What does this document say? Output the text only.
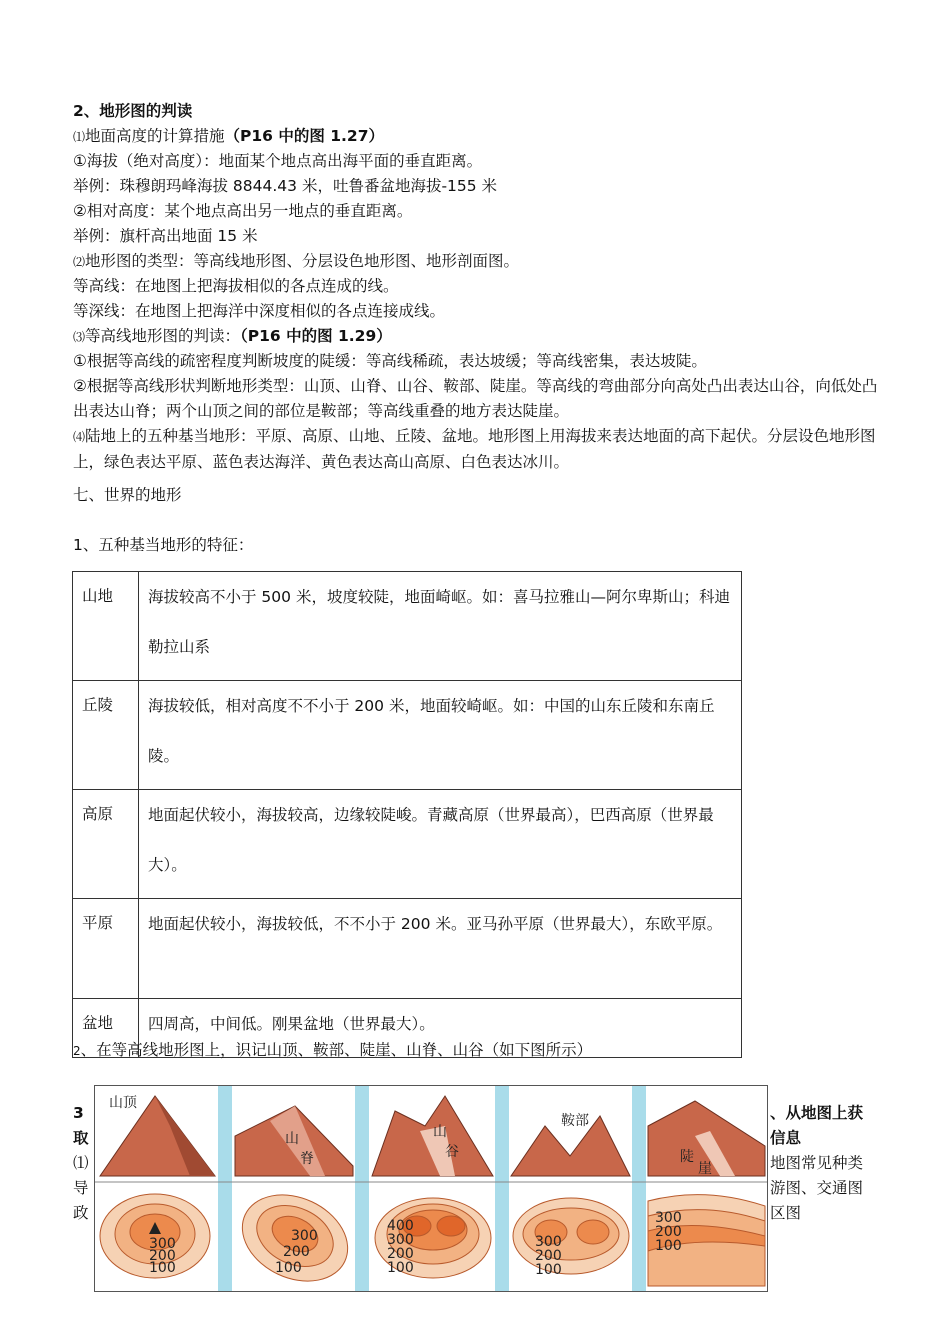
2、地形图的判读
⑴地面高度的计算措施（P16 中的图 1.27）
①海拔（绝对高度）：地面某个地点高出海平面的垂直距离。
举例：珠穆朗玛峰海拔 8844.43 米，吐鲁番盆地海拔-155 米
②相对高度：某个地点高出另一地点的垂直距离。
举例：旗杆高出地面 15 米
⑵地形图的类型：等高线地形图、分层设色地形图、地形剖面图。
等高线：在地图上把海拔相似的各点连成的线。
等深线：在地图上把海洋中深度相似的各点连接成线。
⑶等高线地形图的判读：（P16 中的图 1.29）
①根据等高线的疏密程度判断坡度的陡缓：等高线稀疏，表达坡缓；等高线密集，表达坡陡。
②根据等高线形状判断地形类型：山顶、山脊、山谷、鞍部、陡崖。等高线的弯曲部分向高处凸出表达山谷，向低处凸出表达山脊；两个山顶之间的部位是鞍部；等高线重叠的地方表达陡崖。
⑷陆地上的五种基当地形：平原、高原、山地、丘陵、盆地。地形图上用海拔来表达地面的高下起伏。分层设色地形图上，绿色表达平原、蓝色表达海洋、黄色表达高山高原、白色表达冰川。
七、世界的地形
1、五种基当地形的特征：
山地	海拔较高不小于 500 米，坡度较陡，地面崎岖。如：喜马拉雅山—阿尔卑斯山；科迪勒拉山系
丘陵	海拔较低，相对高度不不小于 200 米，地面较崎岖。如：中国的山东丘陵和东南丘陵。
高原	地面起伏较小，海拔较高，边缘较陡峻。青藏高原（世界最高），巴西高原（世界最大）。
平原	地面起伏较小，海拔较低，不不小于 200 米。亚马孙平原（世界最大），东欧平原。
盆地	四周高，中间低。刚果盆地（世界最大）。
2、在等高线地形图上，识记山顶、鞍部、陡崖、山脊、山谷（如下图所示）
3
取
⑴
导
政
、从地图上获
信息
地图常见种类
游图、交通图
区图
山顶
山
脊
山
谷
鞍部
陡
崖
300
200
100
300
200
100
400
300
200
100
300
200
100
300
200
100
